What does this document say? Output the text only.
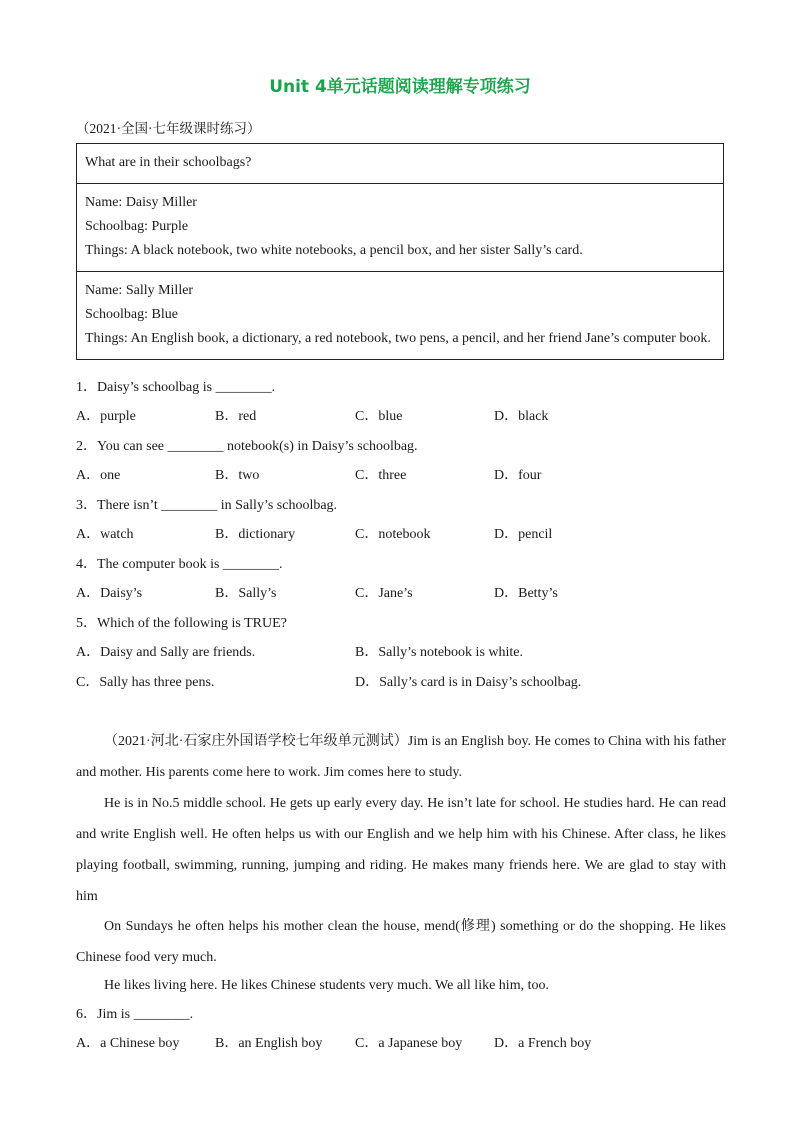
Unit 4单元话题阅读理解专项练习
（2021·全国·七年级课时练习）
What are in their schoolbags?
Name: Daisy Miller
Schoolbag: Purple
Things: A black notebook, two white notebooks, a pencil box, and her sister Sally’s card.
Name: Sally Miller
Schoolbag: Blue
Things: An English book, a dictionary, a red notebook, two pens, a pencil, and her friend Jane’s computer book.
1．Daisy’s schoolbag is ________.
A．purple	B．red	C．blue	D．black
2．You can see ________ notebook(s) in Daisy’s schoolbag.
A．one	B．two	C．three	D．four
3．There isn’t ________ in Sally’s schoolbag.
A．watch	B．dictionary	C．notebook	D．pencil
4．The computer book is ________.
A．Daisy’s	B．Sally’s	C．Jane’s	D．Betty’s
5．Which of the following is TRUE?
A．Daisy and Sally are friends.	B．Sally’s notebook is white.
C．Sally has three pens.	D．Sally’s card is in Daisy’s schoolbag.
（2021·河北·石家庄外国语学校七年级单元测试）Jim is an English boy. He comes to China with his father and mother. His parents come here to work. Jim comes here to study.
He is in No.5 middle school. He gets up early every day. He isn’t late for school. He studies hard. He can read and write English well. He often helps us with our English and we help him with his Chinese. After class, he likes playing football, swimming, running, jumping and riding. He makes many friends here. We are glad to stay with him
On Sundays he often helps his mother clean the house, mend(修理) something or do the shopping. He likes Chinese food very much.
He likes living here. He likes Chinese students very much. We all like him, too.
6．Jim is ________.
A．a Chinese boy	B．an English boy C．a Japanese boy D．a French boy
